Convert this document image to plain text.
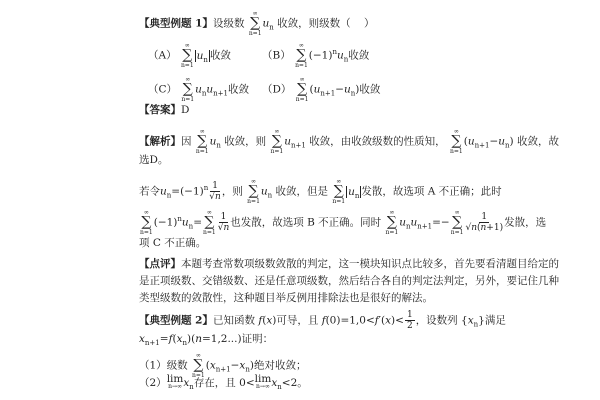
【典型例题 1】设级数
∞
∑
n=1
$u_n$ 收敛，则级数（ ）
（A）
∞
∑
n=1
$u_n$ 收敛	（B）
∞
∑
n=1
$(-1)^nu_n$收敛
（C）
∞
∑
n=1
$u_nu_{n+1}$收敛 （D）
∞
∑
n=1
$(u_{n+1}-u_n)$收敛
【答案】D
【解析】因
∞
∑
n=1
$u_n$ 收敛，则
∞
∑
n=1
$u_{n+1}$ 收敛，由收敛级数的性质知，
∞
∑
n=1
$(u_{n+1}-u_n)$ 收敛，故
选D。
若令$u_n=(-1)^n \frac{1}{√n}$ ，则
∞
∑
n=1
$u_n$ 收敛，但是
∞
∑
n=1
$u_n$ 发散，故选项 A 不正确；此时
∞
∑
n=1
$(-1)^nu_n=$
∞
∑
$n=1 \frac{1}{√n}$ 也发散，故选项 B 不正确。同时
∞
∑
n=1
$u_nu_{n+1}=-$
∞
∑
$n=1 \frac{1}{√n(n+1)}$ 发散，选
项 C 不正确。
【点评】本题考查常数项级数敛散的判定，这一模块知识点比较多，首先要看清题目给定的
是正项级数、交错级数、还是任意项级数，然后结合各自的判定法判定，另外，要记住几种
类型级数的敛散性，这种题目举反例用排除法也是很好的解法。
【典型例题 2】已知函数 f(x)可导，且 $f(0)=1,0<f'(x)< \frac{1}{2}$ ，设数列 $\{x_n\}$满足
$x_{n+1}=f(x_n)(n=1,2...)$证明：
（1）级数
∞
∑
n=1
$(x_{n+1}-x_n)$绝对收敛；
（2） lim
n→∞ $x_n$存在，且 0< lim
n→∞ $x_n<2$。
